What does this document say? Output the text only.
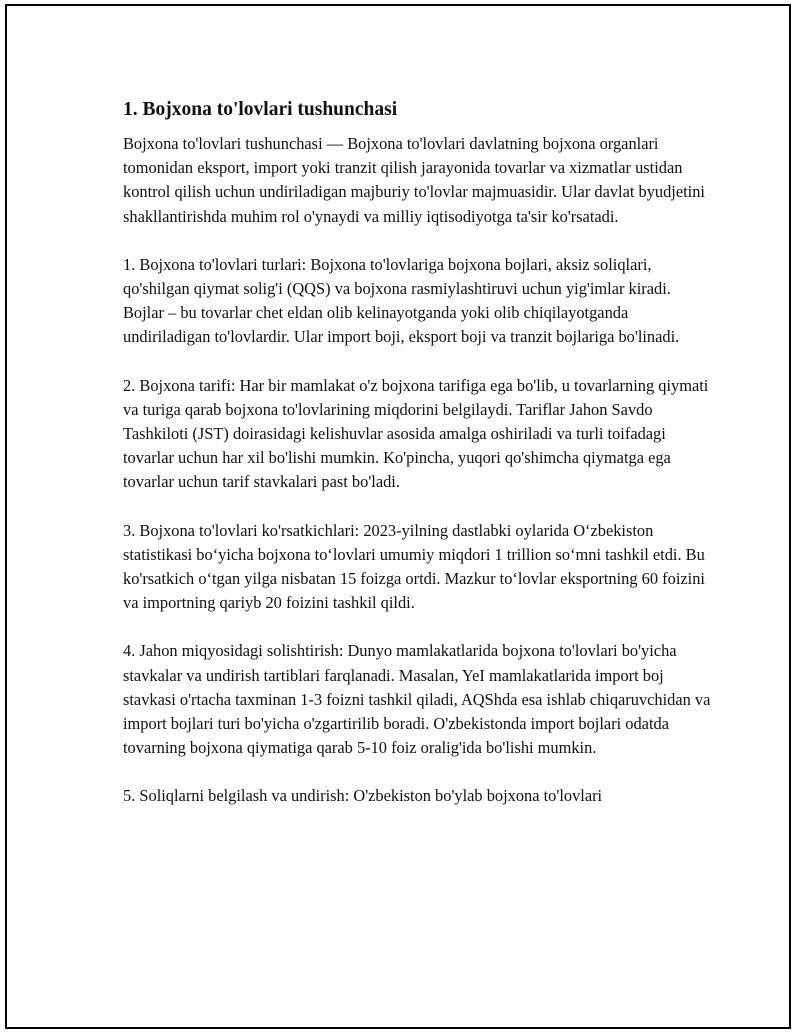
1. Bojxona to'lovlari tushunchasi

Bojxona to'lovlari tushunchasi — Bojxona to'lovlari davlatning bojxona organlari tomonidan eksport, import yoki tranzit qilish jarayonida tovarlar va xizmatlar ustidan kontrol qilish uchun undiriladigan majburiy to'lovlar majmuasidir. Ular davlat byudjetini shakllantirishda muhim rol o'ynaydi va milliy iqtisodiyotga ta'sir ko'rsatadi.

1. Bojxona to'lovlari turlari: Bojxona to'lovlariga bojxona bojlari, aksiz soliqlari, qo'shilgan qiymat solig'i (QQS) va bojxona rasmiylashtiruvi uchun yig'imlar kiradi. Bojlar – bu tovarlar chet eldan olib kelinayotganda yoki olib chiqilayotganda undiriladigan to'lovlardir. Ular import boji, eksport boji va tranzit bojlariga bo'linadi.

2. Bojxona tarifi: Har bir mamlakat o'z bojxona tarifiga ega bo'lib, u tovarlarning qiymati va turiga qarab bojxona to'lovlarining miqdorini belgilaydi. Tariflar Jahon Savdo Tashkiloti (JST) doirasidagi kelishuvlar asosida amalga oshiriladi va turli toifadagi tovarlar uchun har xil bo'lishi mumkin. Ko'pincha, yuqori qo'shimcha qiymatga ega tovarlar uchun tarif stavkalari past bo'ladi.

3. Bojxona to'lovlari ko'rsatkichlari: 2023-yilning dastlabki oylarida O‘zbekiston statistikasi bo‘yicha bojxona to‘lovlari umumiy miqdori 1 trillion so‘mni tashkil etdi. Bu ko'rsatkich o‘tgan yilga nisbatan 15 foizga ortdi. Mazkur to‘lovlar eksportning 60 foizini va importning qariyb 20 foizini tashkil qildi.

4. Jahon miqyosidagi solishtirish: Dunyo mamlakatlarida bojxona to'lovlari bo'yicha stavkalar va undirish tartiblari farqlanadi. Masalan, YeI mamlakatlarida import boj stavkasi o'rtacha taxminan 1-3 foizni tashkil qiladi, AQShda esa ishlab chiqaruvchidan va import bojlari turi bo'yicha o'zgartirilib boradi. O'zbekistonda import bojlari odatda tovarning bojxona qiymatiga qarab 5-10 foiz oralig'ida bo'lishi mumkin.

5. Soliqlarni belgilash va undirish: O'zbekiston bo'ylab bojxona to'lovlari
